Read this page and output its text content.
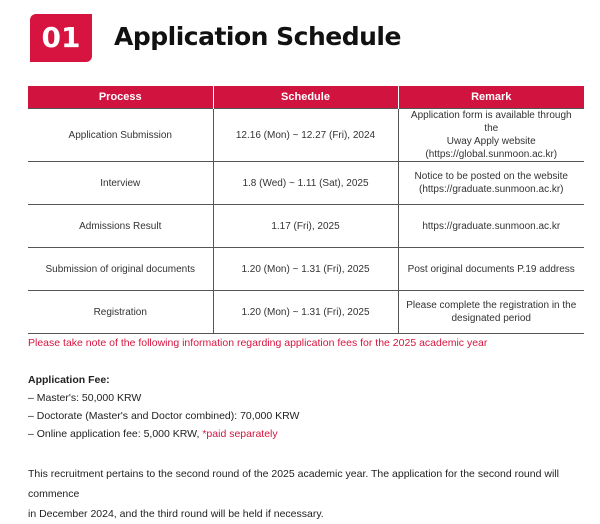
01	Application Schedule
Process	Schedule	Remark
Application Submission	12.16 (Mon) ~ 12.27 (Fri), 2024	Application form is available through the
Uway Apply website
(https://global.sunmoon.ac.kr)

Interview	1.8 (Wed) ~ 1.11 (Sat), 2025	Notice to be posted on the website
(https://graduate.sunmoon.ac.kr)

Admissions Result	1.17 (Fri), 2025	https://graduate.sunmoon.ac.kr

Submission of original documents	1.20 (Mon) ~ 1.31 (Fri), 2025	Post original documents P.19 address

Registration	1.20 (Mon) ~ 1.31 (Fri), 2025	Please complete the registration in the
designated period
Please take note of the following information regarding application fees for the 2025 academic year
Application Fee:
– Master's: 50,000 KRW
– Doctorate (Master's and Doctor combined): 70,000 KRW
– Online application fee: 5,000 KRW, *paid separately
This recruitment pertains to the second round of the 2025 academic year. The application for the second round will commence
in December 2024, and the third round will be held if necessary.
